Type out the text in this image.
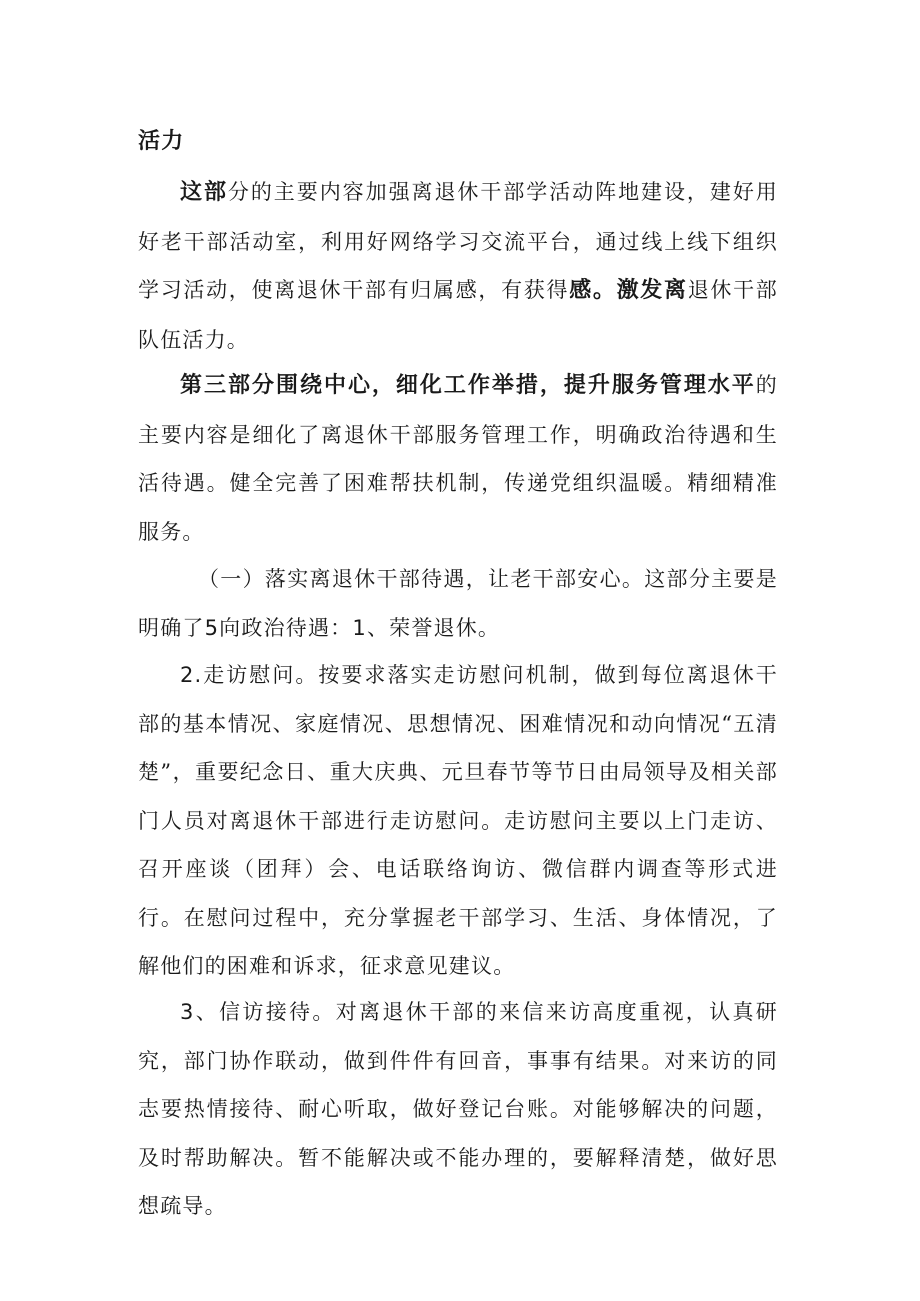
活力

这部分的主要内容加强离退休干部学活动阵地建设，建好用好老干部活动室，利用好网络学习交流平台，通过线上线下组织学习活动，使离退休干部有归属感，有获得感。激发离退休干部队伍活力。

第三部分围绕中心，细化工作举措，提升服务管理水平的主要内容是细化了离退休干部服务管理工作，明确政治待遇和生活待遇。健全完善了困难帮扶机制，传递党组织温暖。精细精准服务。

（一）落实离退休干部待遇，让老干部安心。这部分主要是明确了5向政治待遇：1、荣誉退休。

2.走访慰问。按要求落实走访慰问机制，做到每位离退休干部的基本情况、家庭情况、思想情况、困难情况和动向情况“五清楚”，重要纪念日、重大庆典、元旦春节等节日由局领导及相关部门人员对离退休干部进行走访慰问。走访慰问主要以上门走访、召开座谈（团拜）会、电话联络询访、微信群内调查等形式进行。在慰问过程中，充分掌握老干部学习、生活、身体情况，了解他们的困难和诉求，征求意见建议。

3、信访接待。对离退休干部的来信来访高度重视，认真研究，部门协作联动，做到件件有回音，事事有结果。对来访的同志要热情接待、耐心听取，做好登记台账。对能够解决的问题，及时帮助解决。暂不能解决或不能办理的，要解释清楚，做好思想疏导。
